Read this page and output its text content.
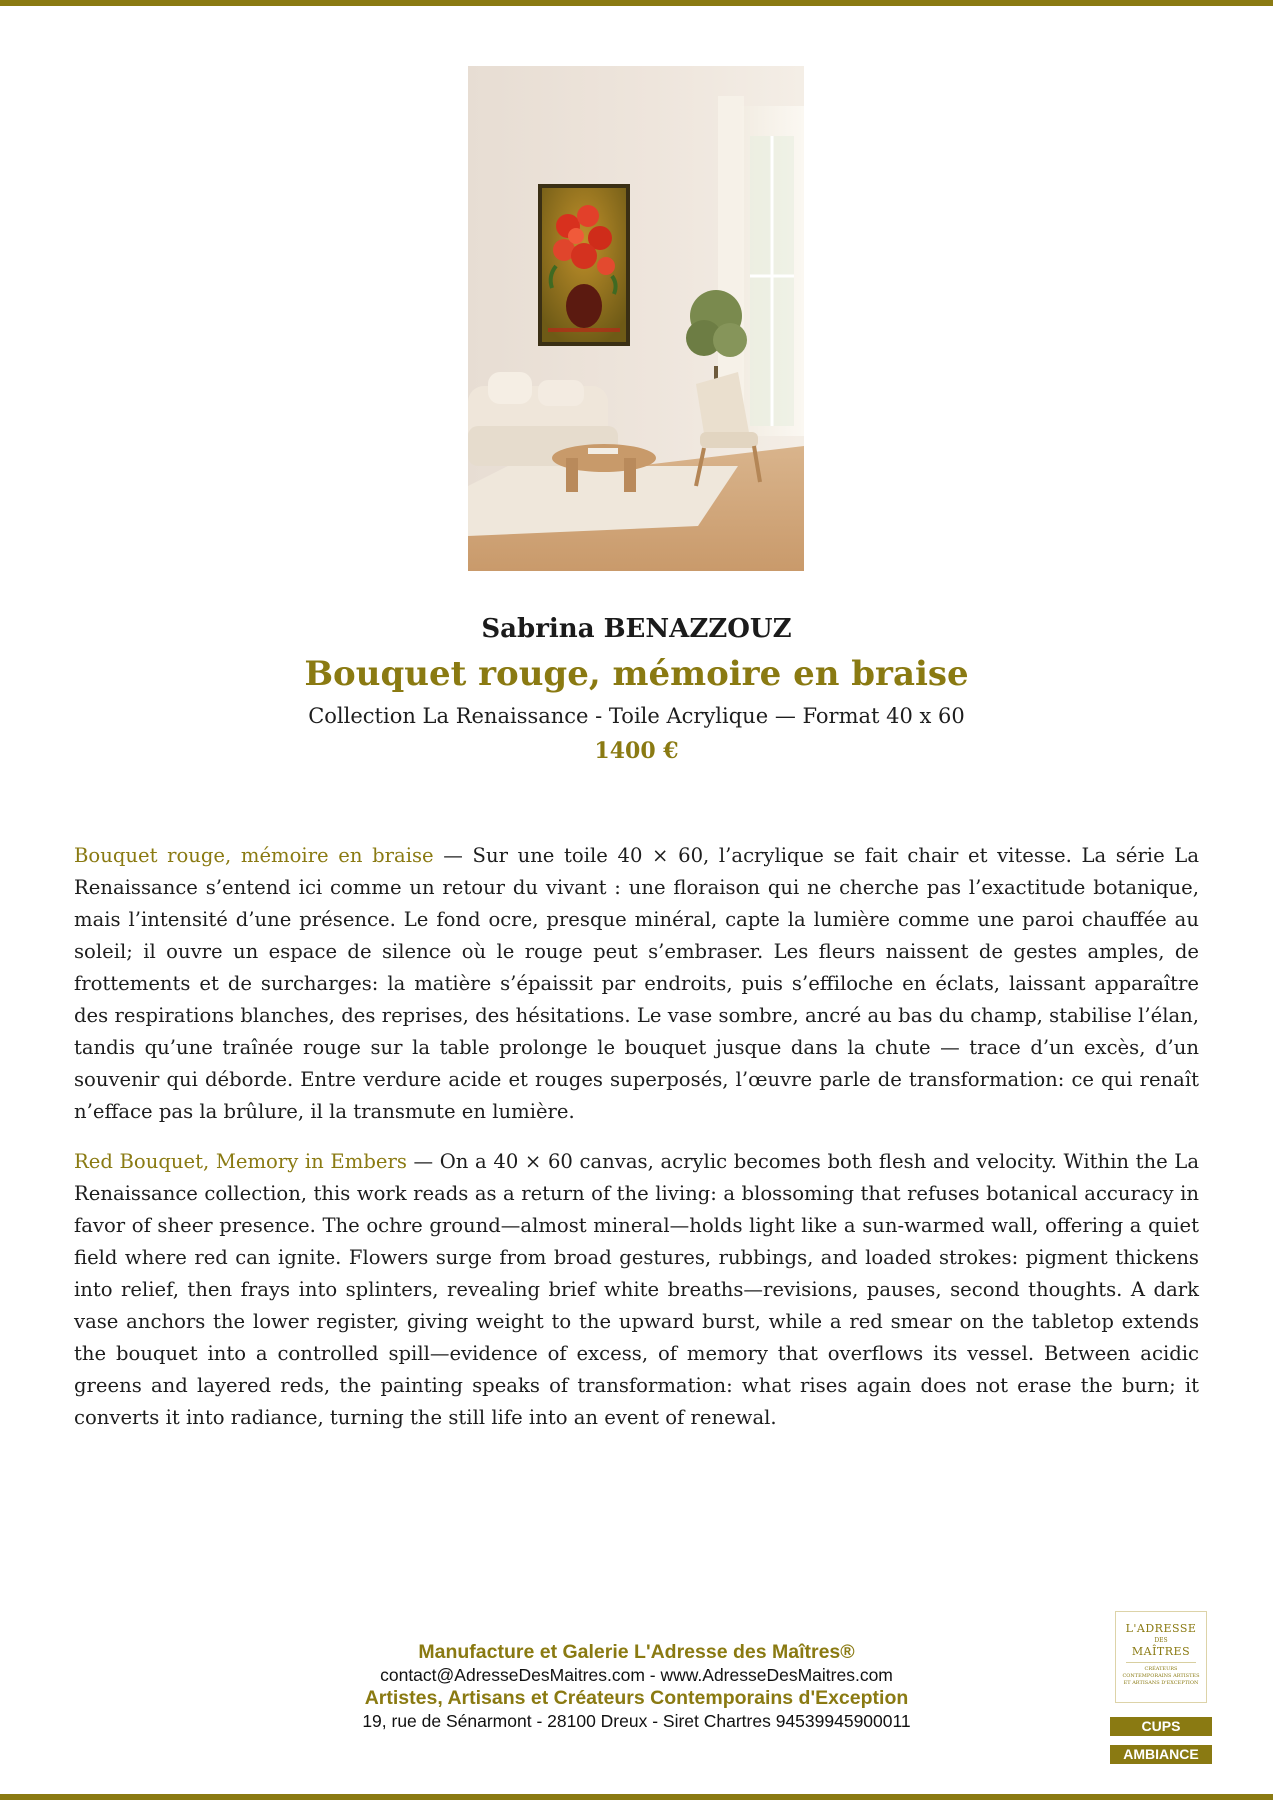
Sabrina BENAZZOUZ
Bouquet rouge, mémoire en braise
Collection La Renaissance - Toile Acrylique — Format 40 x 60
1400 €

Bouquet rouge, mémoire en braise — Sur une toile 40 × 60, l’acrylique se fait chair et vitesse. La série La Renaissance s’entend ici comme un retour du vivant : une floraison qui ne cherche pas l’exactitude botanique, mais l’intensité d’une présence. Le fond ocre, presque minéral, capte la lumière comme une paroi chauffée au soleil; il ouvre un espace de silence où le rouge peut s’embraser. Les fleurs naissent de gestes amples, de frottements et de surcharges: la matière s’épaissit par endroits, puis s’effiloche en éclats, laissant apparaître des respirations blanches, des reprises, des hésitations. Le vase sombre, ancré au bas du champ, stabilise l’élan, tandis qu’une traînée rouge sur la table prolonge le bouquet jusque dans la chute — trace d’un excès, d’un souvenir qui déborde. Entre verdure acide et rouges superposés, l’œuvre parle de transformation: ce qui renaît n’efface pas la brûlure, il la transmute en lumière.

Red Bouquet, Memory in Embers — On a 40 × 60 canvas, acrylic becomes both flesh and velocity. Within the La Renaissance collection, this work reads as a return of the living: a blossoming that refuses botanical accuracy in favor of sheer presence. The ochre ground—almost mineral—holds light like a sun-warmed wall, offering a quiet field where red can ignite. Flowers surge from broad gestures, rubbings, and loaded strokes: pigment thickens into relief, then frays into splinters, revealing brief white breaths—revisions, pauses, second thoughts. A dark vase anchors the lower register, giving weight to the upward burst, while a red smear on the tabletop extends the bouquet into a controlled spill—evidence of excess, of memory that overflows its vessel. Between acidic greens and layered reds, the painting speaks of transformation: what rises again does not erase the burn; it converts it into radiance, turning the still life into an event of renewal.

Manufacture et Galerie L'Adresse des Maîtres®
contact@AdresseDesMaitres.com - www.AdresseDesMaitres.com
Artistes, Artisans et Créateurs Contemporains d'Exception
19, rue de Sénarmont - 28100 Dreux - Siret Chartres 94539945900011
L'ADRESSE
DES
MAÎTRES
CRÉATEURS CONTEMPORAINS ARTISTES ET ARTISANS D'EXCEPTION
CUPS
AMBIANCE
